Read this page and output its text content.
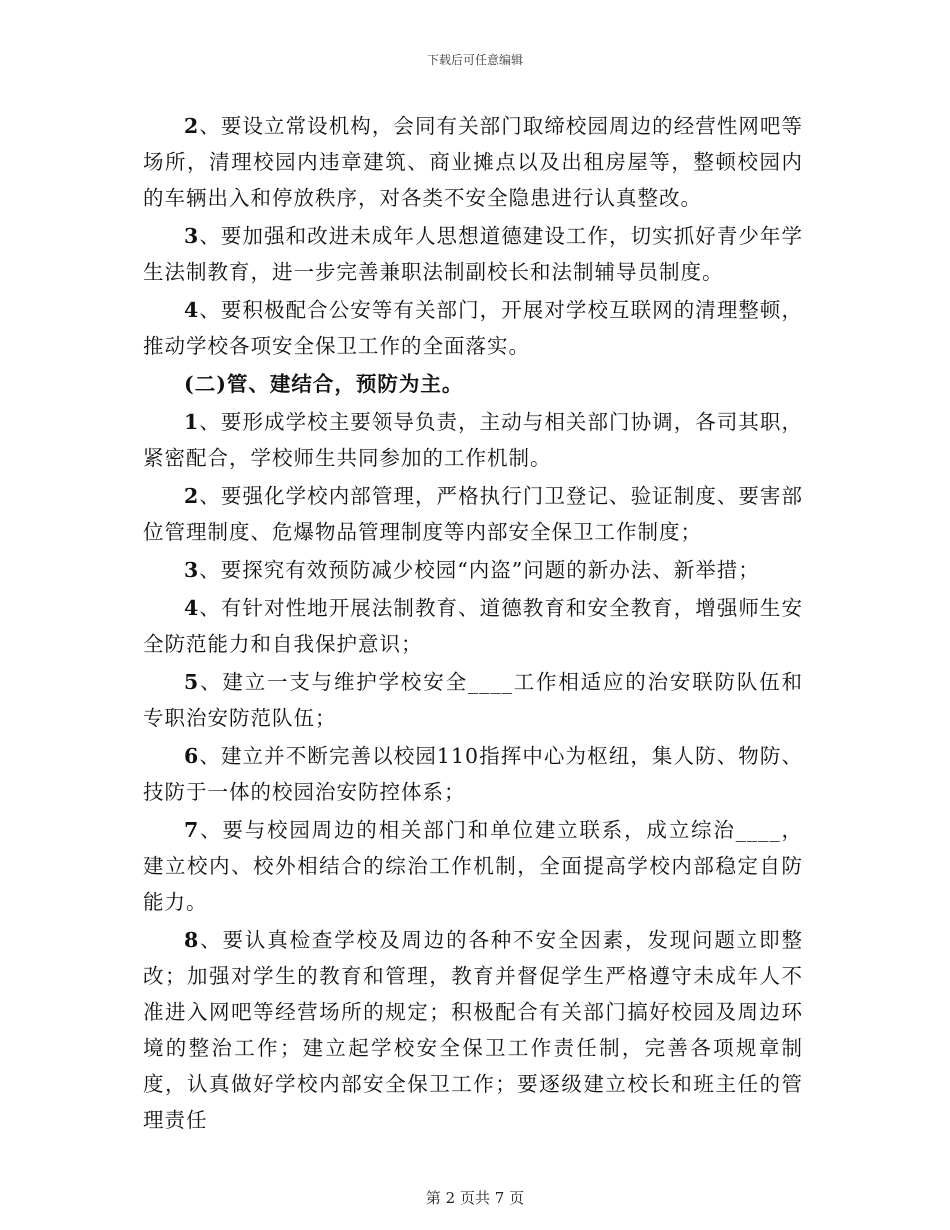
下载后可任意编辑

2、要设立常设机构，会同有关部门取缔校园周边的经营性网吧等场所，清理校园内违章建筑、商业摊点以及出租房屋等，整顿校园内的车辆出入和停放秩序，对各类不安全隐患进行认真整改。

3、要加强和改进未成年人思想道德建设工作，切实抓好青少年学生法制教育，进一步完善兼职法制副校长和法制辅导员制度。

4、要积极配合公安等有关部门，开展对学校互联网的清理整顿，推动学校各项安全保卫工作的全面落实。

(二)管、建结合，预防为主。

1、要形成学校主要领导负责，主动与相关部门协调，各司其职，紧密配合，学校师生共同参加的工作机制。

2、要强化学校内部管理，严格执行门卫登记、验证制度、要害部位管理制度、危爆物品管理制度等内部安全保卫工作制度；

3、要探究有效预防减少校园“内盗”问题的新办法、新举措；

4、有针对性地开展法制教育、道德教育和安全教育，增强师生安全防范能力和自我保护意识；

5、建立一支与维护学校安全____工作相适应的治安联防队伍和专职治安防范队伍；

6、建立并不断完善以校园110指挥中心为枢纽，集人防、物防、技防于一体的校园治安防控体系；

7、要与校园周边的相关部门和单位建立联系，成立综治____，建立校内、校外相结合的综治工作机制，全面提高学校内部稳定自防能力。

8、要认真检查学校及周边的各种不安全因素，发现问题立即整改；加强对学生的教育和管理，教育并督促学生严格遵守未成年人不准进入网吧等经营场所的规定；积极配合有关部门搞好校园及周边环境的整治工作；建立起学校安全保卫工作责任制，完善各项规章制度，认真做好学校内部安全保卫工作；要逐级建立校长和班主任的管理责任

第 2 页共 7 页
